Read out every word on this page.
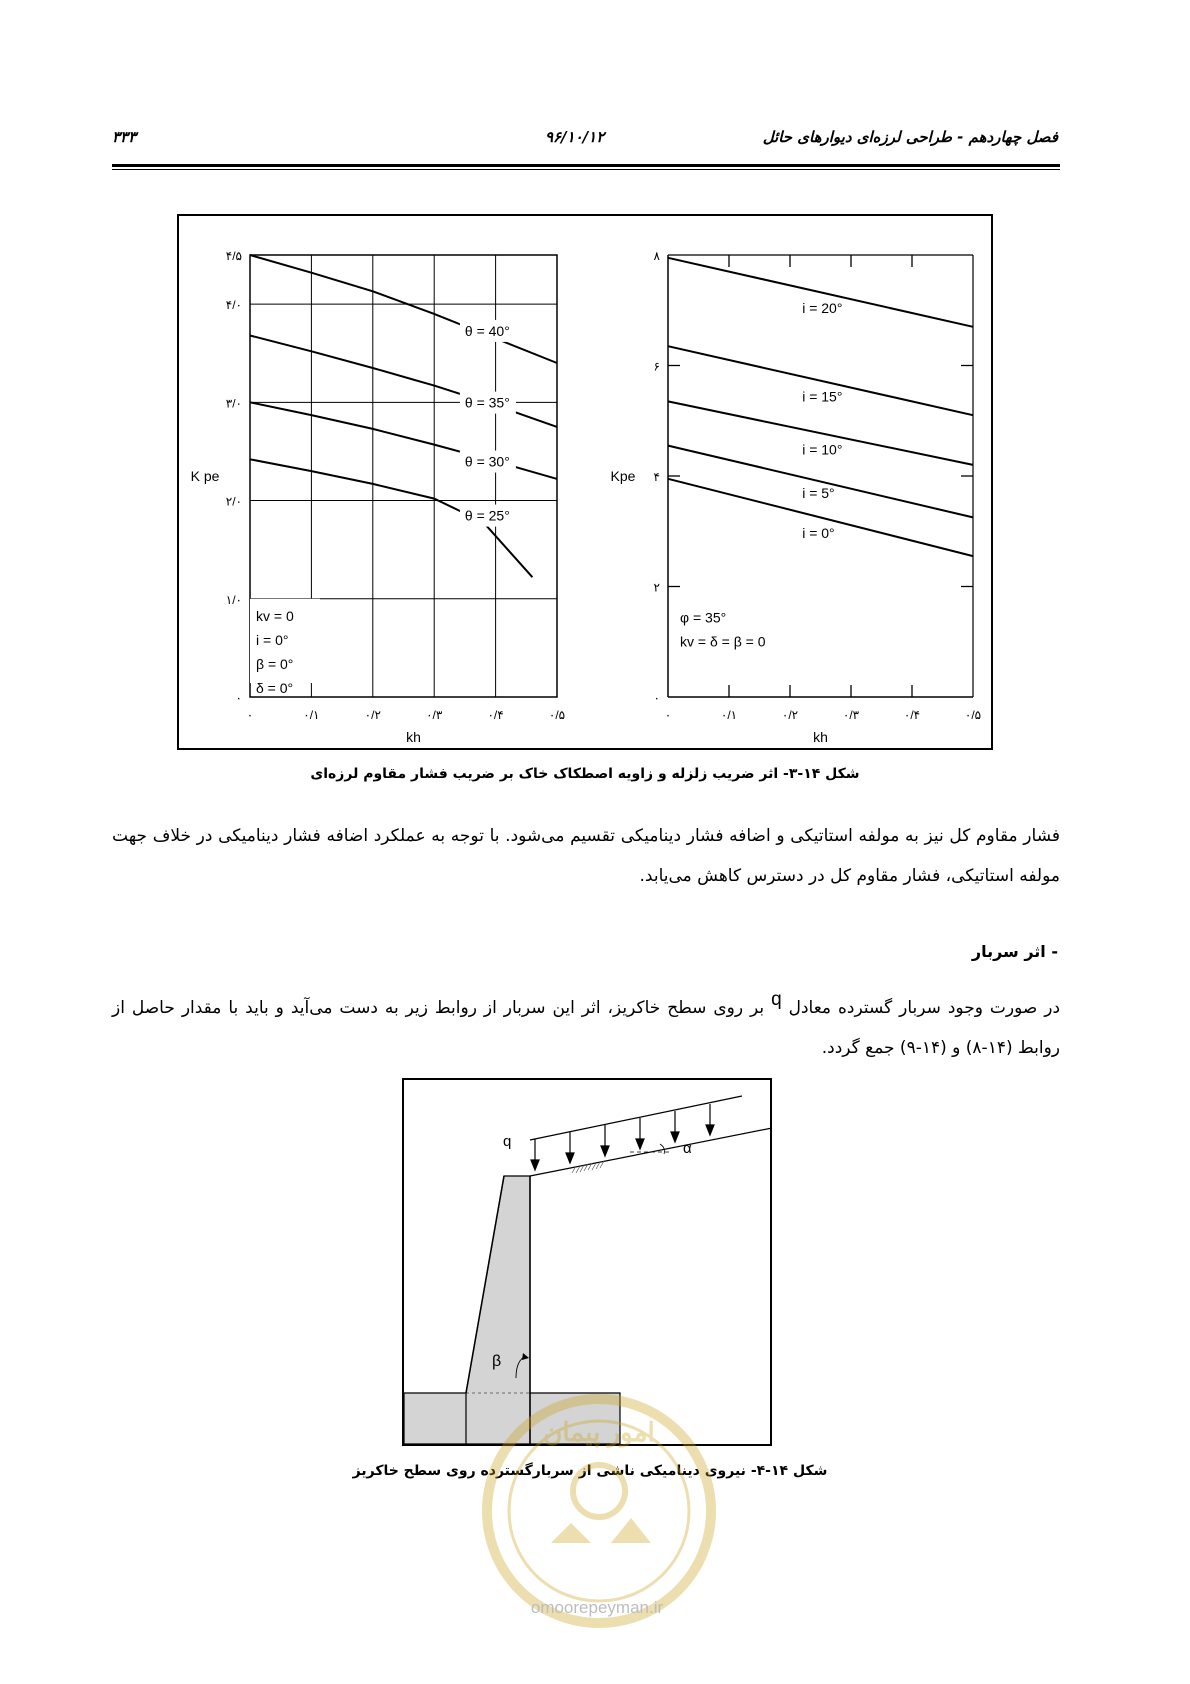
۳۳۳	۹۶/۱۰/۱۲	فصل چهاردهم - طراحی لرزه‌ای دیوارهای حائل
۰	۰/۱	۰/۲	۰/۳	۰/۴	۰/۵
۰
۱/۰
۲/۰
۳/۰
۴/۰
۴/۵
kh
K pe
θ = 40°
θ = 35°
θ = 30°
θ = 25°
kv = 0
i = 0°
β = 0°
δ = 0°
۰	۰/۱	۰/۲	۰/۳	۰/۴	۰/۵
۰
۲
۴
۶
۸
kh
Kpe
i = 20°
i = 15°
i = 10°
i = 5°
i = 0°
φ = 35°
kv = δ = β = 0
شکل ۱۴-۳- اثر ضریب زلزله و زاویه اصطکاک خاک بر ضریب فشار مقاوم لرزه‌ای
فشار مقاوم کل نیز به مولفه استاتیکی و اضافه فشار دینامیکی تقسیم می‌شود. با توجه به عملکرد اضافه فشار دینامیکی در خلاف جهت مولفه استاتیکی، فشار مقاوم کل در دسترس کاهش می‌یابد.
- اثر سربار
در صورت وجود سربار گسترده معادل q بر روی سطح خاکریز، اثر این سربار از روابط زیر به دست می‌آید و باید با مقدار حاصل از روابط (۱۴-۸) و (۱۴-۹) جمع گردد.
α
q
β
شکل ۱۴-۴- نیروی دینامیکی ناشی از سربارگسترده روی سطح خاکریز
امور پیمان
omoorepeyman.ir
